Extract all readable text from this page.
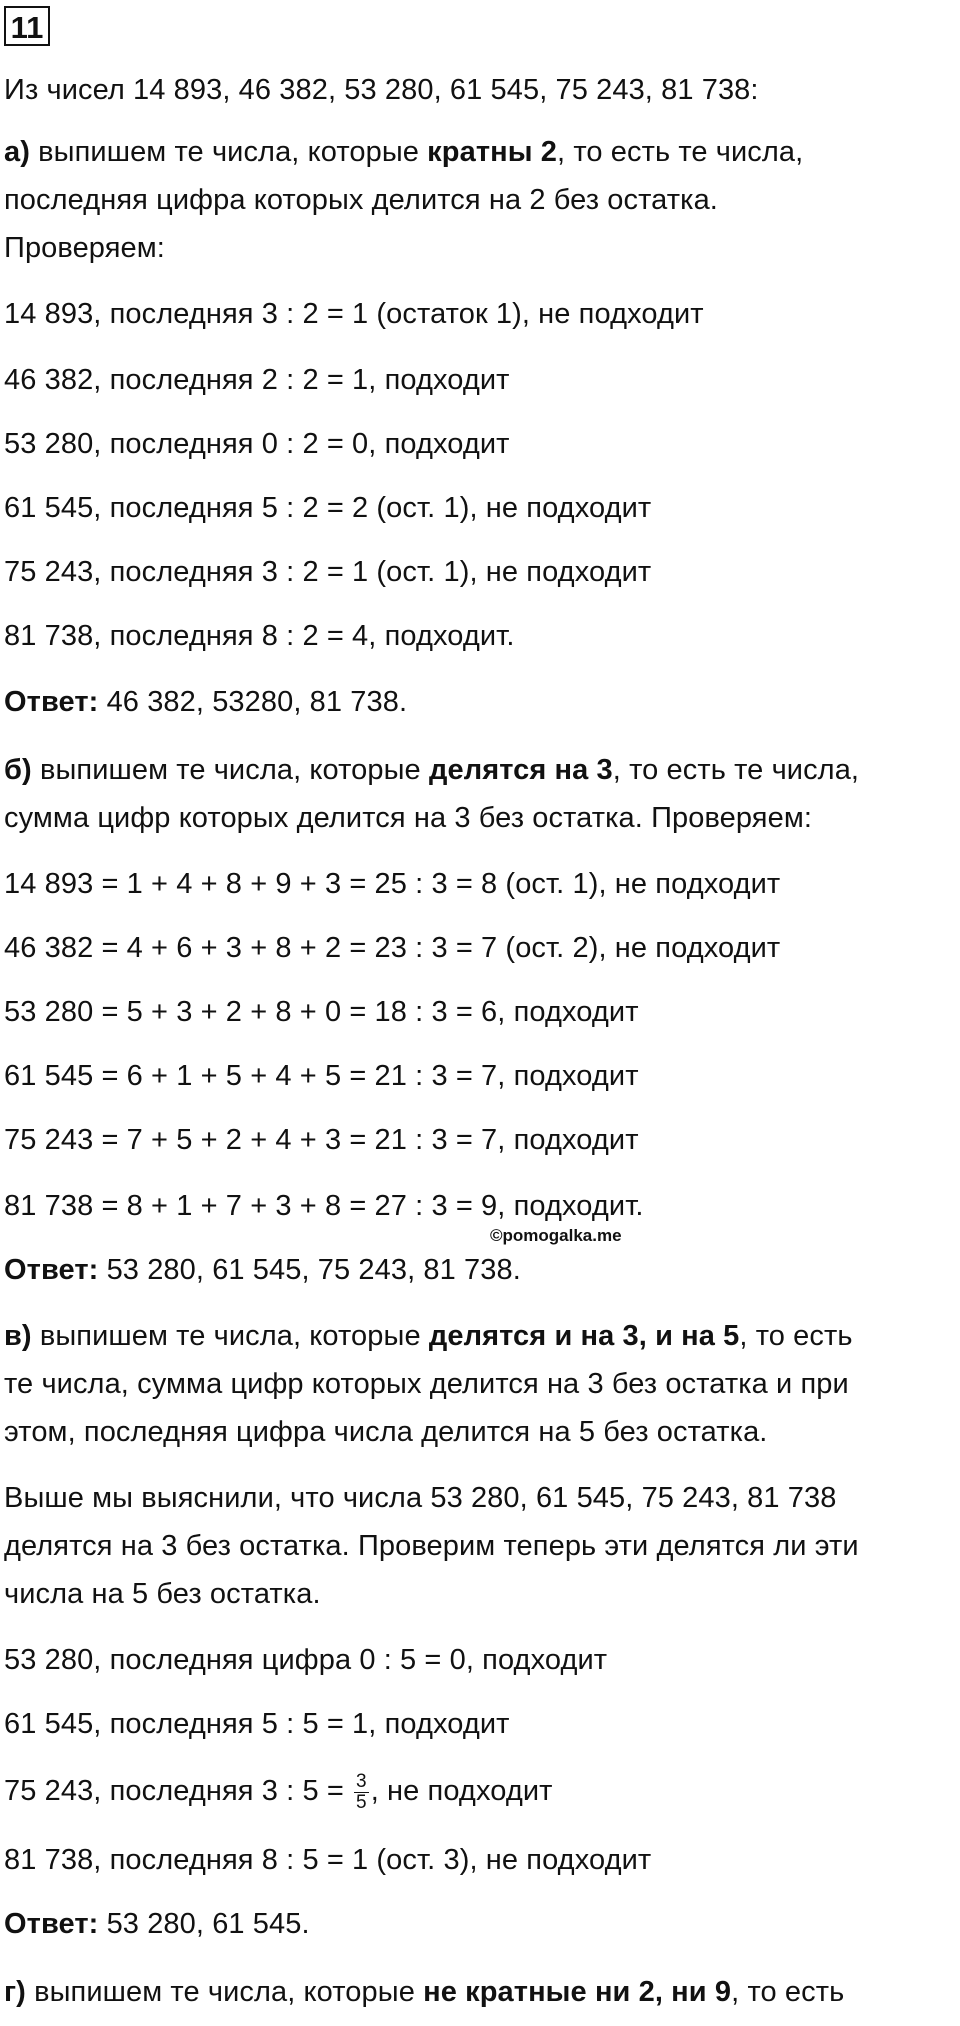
11
Из чисел 14 893, 46 382, 53 280, 61 545, 75 243, 81 738:
а) выпишем те числа, которые кратны 2, то есть те числа,
последняя цифра которых делится на 2 без остатка.
Проверяем:
14 893, последняя 3 : 2 = 1 (остаток 1), не подходит
46 382, последняя 2 : 2 = 1, подходит
53 280, последняя 0 : 2 = 0, подходит
61 545, последняя 5 : 2 = 2 (ост. 1), не подходит
75 243, последняя 3 : 2 = 1 (ост. 1), не подходит
81 738, последняя 8 : 2 = 4, подходит.
Ответ: 46 382, 53280, 81 738.
б) выпишем те числа, которые делятся на 3, то есть те числа,
сумма цифр которых делится на 3 без остатка. Проверяем:
14 893 = 1 + 4 + 8 + 9 + 3 = 25 : 3 = 8 (ост. 1), не подходит
46 382 = 4 + 6 + 3 + 8 + 2 = 23 : 3 = 7 (ост. 2), не подходит
53 280 = 5 + 3 + 2 + 8 + 0 = 18 : 3 = 6, подходит
61 545 = 6 + 1 + 5 + 4 + 5 = 21 : 3 = 7, подходит
75 243 = 7 + 5 + 2 + 4 + 3 = 21 : 3 = 7, подходит
81 738 = 8 + 1 + 7 + 3 + 8 = 27 : 3 = 9, подходит.
©pomogalka.me
Ответ: 53 280, 61 545, 75 243, 81 738.
в) выпишем те числа, которые делятся и на 3, и на 5, то есть
те числа, сумма цифр которых делится на 3 без остатка и при
этом, последняя цифра числа делится на 5 без остатка.
Выше мы выяснили, что числа 53 280, 61 545, 75 243, 81 738
делятся на 3 без остатка. Проверим теперь эти делятся ли эти
числа на 5 без остатка.
53 280, последняя цифра 0 : 5 = 0, подходит
61 545, последняя 5 : 5 = 1, подходит
75 243, последняя 3 : $5 = \frac{3}{5}$ , не подходит
81 738, последняя 8 : 5 = 1 (ост. 3), не подходит
Ответ: 53 280, 61 545.
г) выпишем те числа, которые не кратные ни 2, ни 9, то есть
